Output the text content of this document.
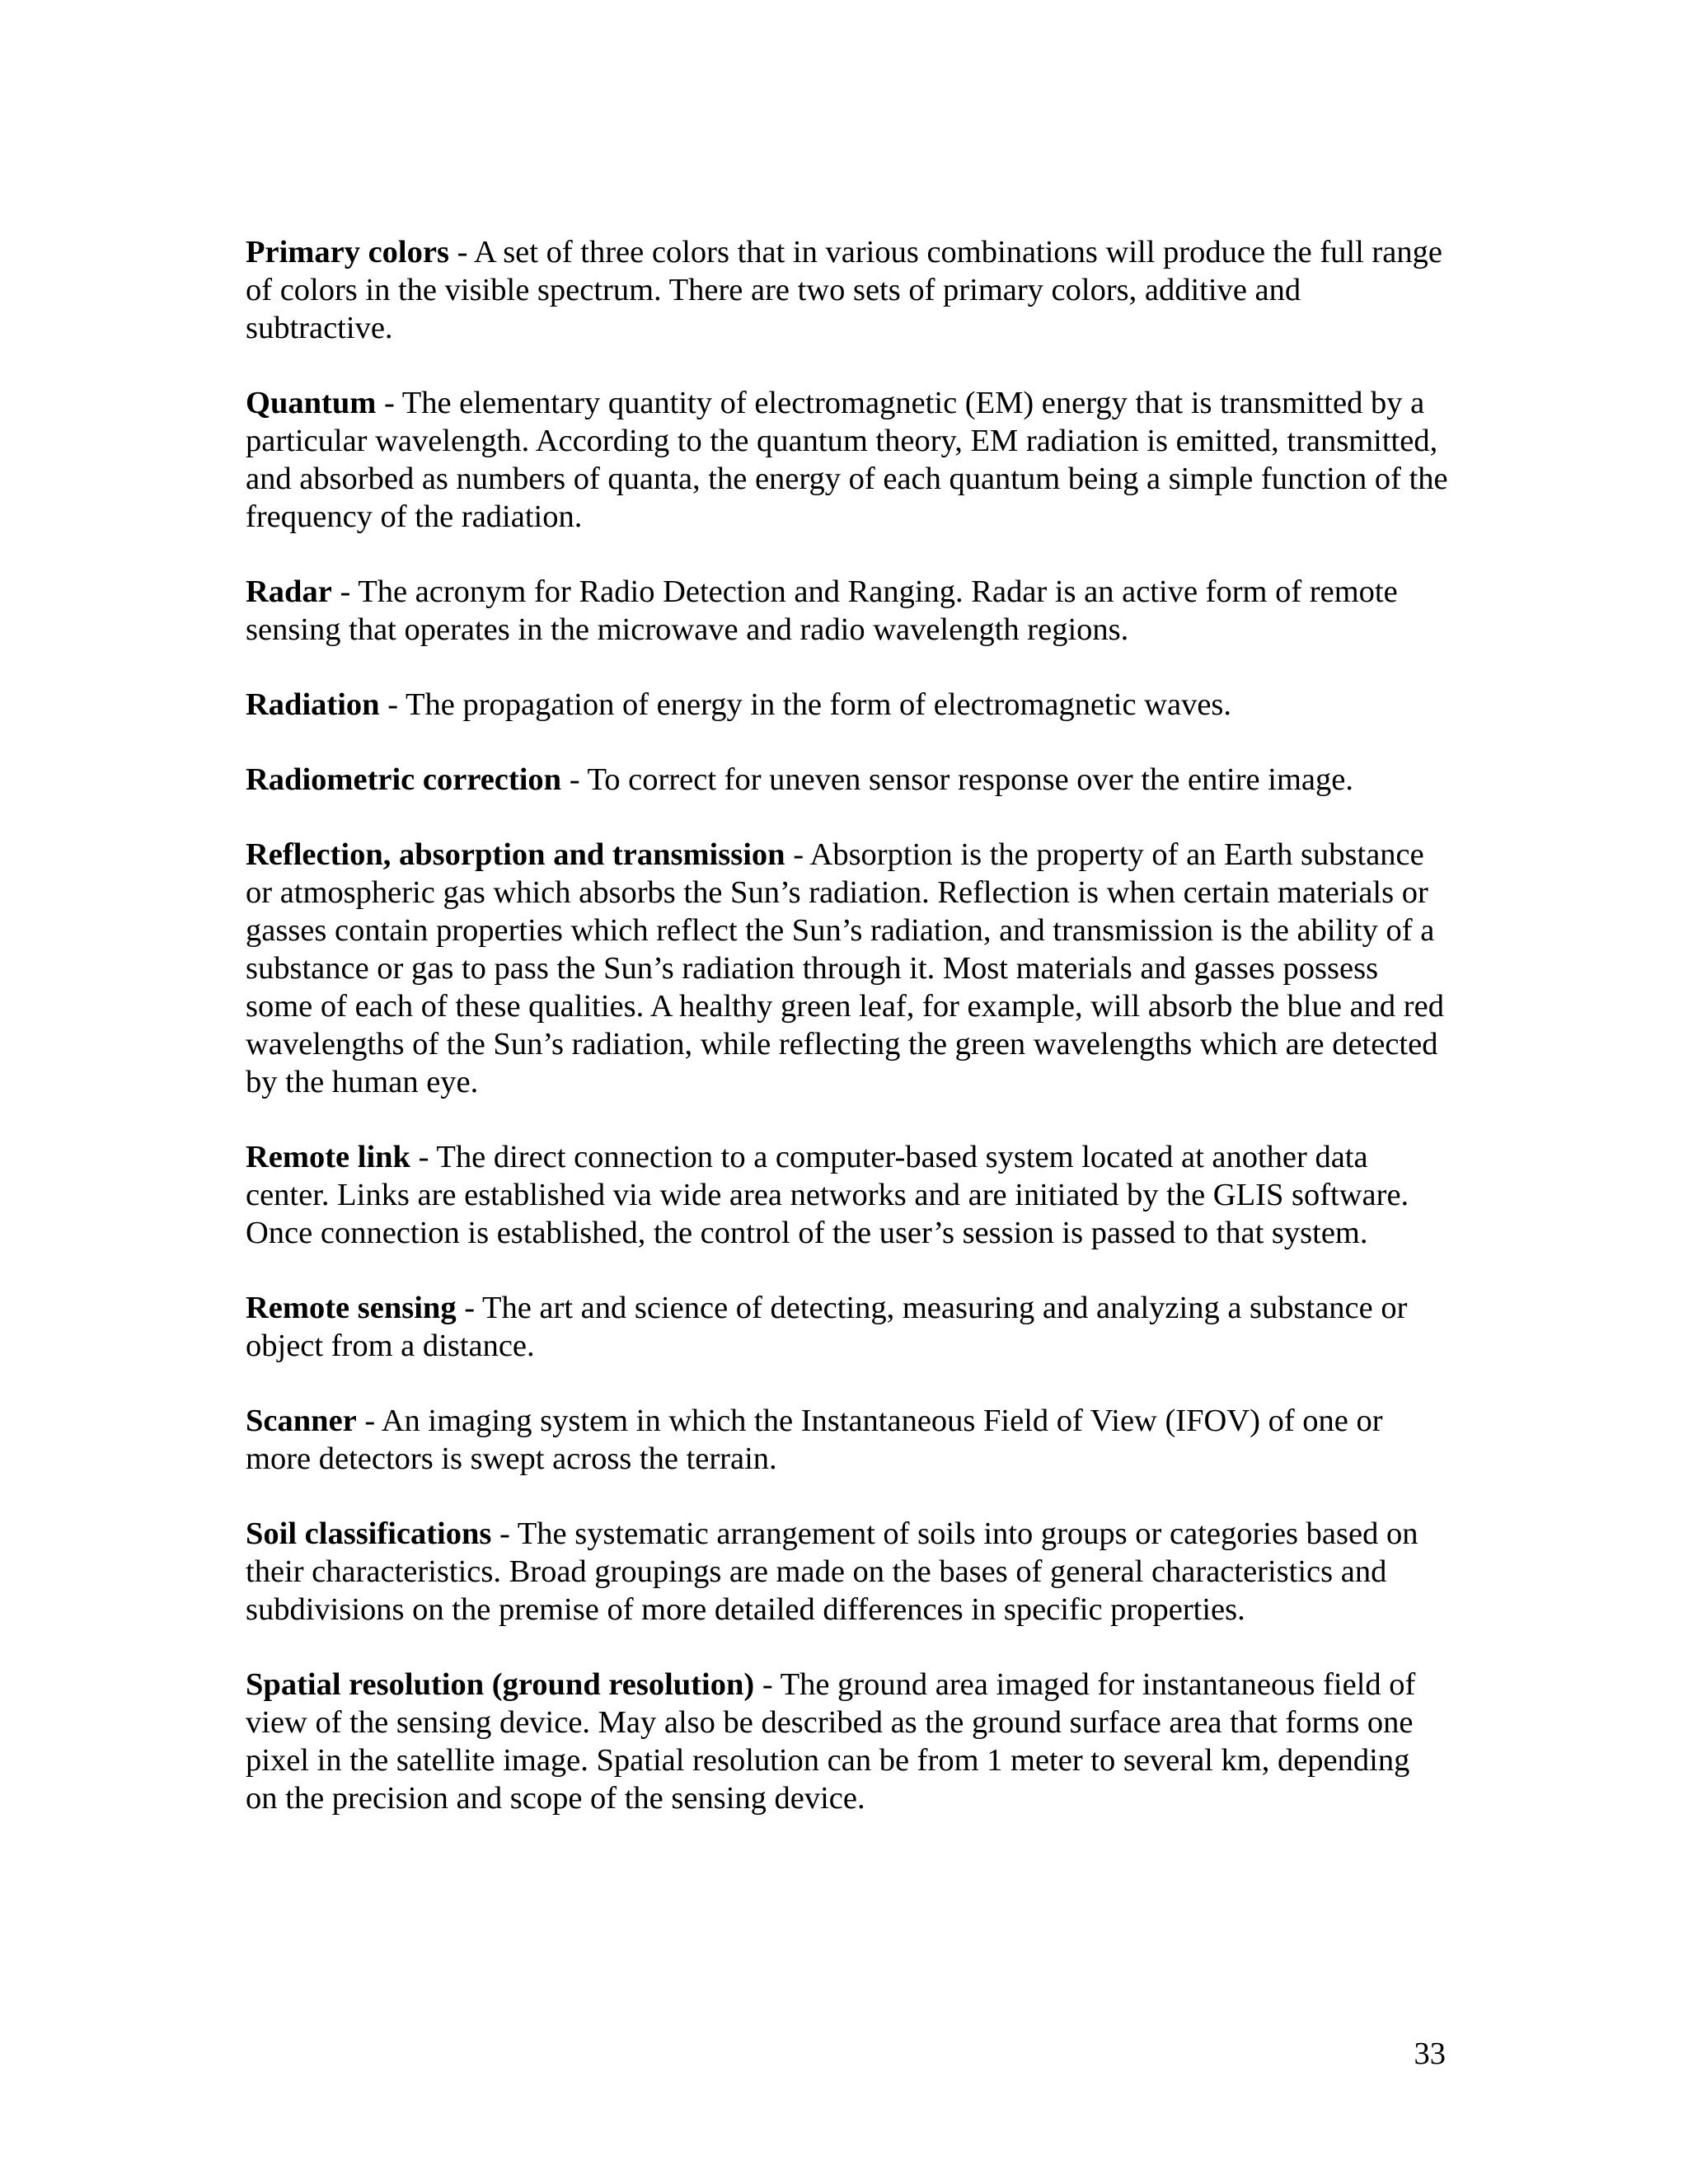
Primary colors - A set of three colors that in various combinations will produce the full range of colors in the visible spectrum. There are two sets of primary colors, additive and subtractive.

Quantum - The elementary quantity of electromagnetic (EM) energy that is transmitted by a particular wavelength. According to the quantum theory, EM radiation is emitted, transmitted, and absorbed as numbers of quanta, the energy of each quantum being a simple function of the frequency of the radiation.

Radar - The acronym for Radio Detection and Ranging. Radar is an active form of remote sensing that operates in the microwave and radio wavelength regions.

Radiation - The propagation of energy in the form of electromagnetic waves.

Radiometric correction - To correct for uneven sensor response over the entire image.

Reflection, absorption and transmission - Absorption is the property of an Earth substance or atmospheric gas which absorbs the Sun’s radiation. Reflection is when certain materials or gasses contain properties which reflect the Sun’s radiation, and transmission is the ability of a substance or gas to pass the Sun’s radiation through it. Most materials and gasses possess some of each of these qualities. A healthy green leaf, for example, will absorb the blue and red wavelengths of the Sun’s radiation, while reflecting the green wavelengths which are detected by the human eye.

Remote link - The direct connection to a computer-based system located at another data center. Links are established via wide area networks and are initiated by the GLIS software. Once connection is established, the control of the user’s session is passed to that system.

Remote sensing - The art and science of detecting, measuring and analyzing a substance or object from a distance.

Scanner - An imaging system in which the Instantaneous Field of View (IFOV) of one or more detectors is swept across the terrain.

Soil classifications - The systematic arrangement of soils into groups or categories based on their characteristics. Broad groupings are made on the bases of general characteristics and subdivisions on the premise of more detailed differences in specific properties.

Spatial resolution (ground resolution) - The ground area imaged for instantaneous field of view of the sensing device. May also be described as the ground surface area that forms one pixel in the satellite image. Spatial resolution can be from 1 meter to several km, depending on the precision and scope of the sensing device.

33
